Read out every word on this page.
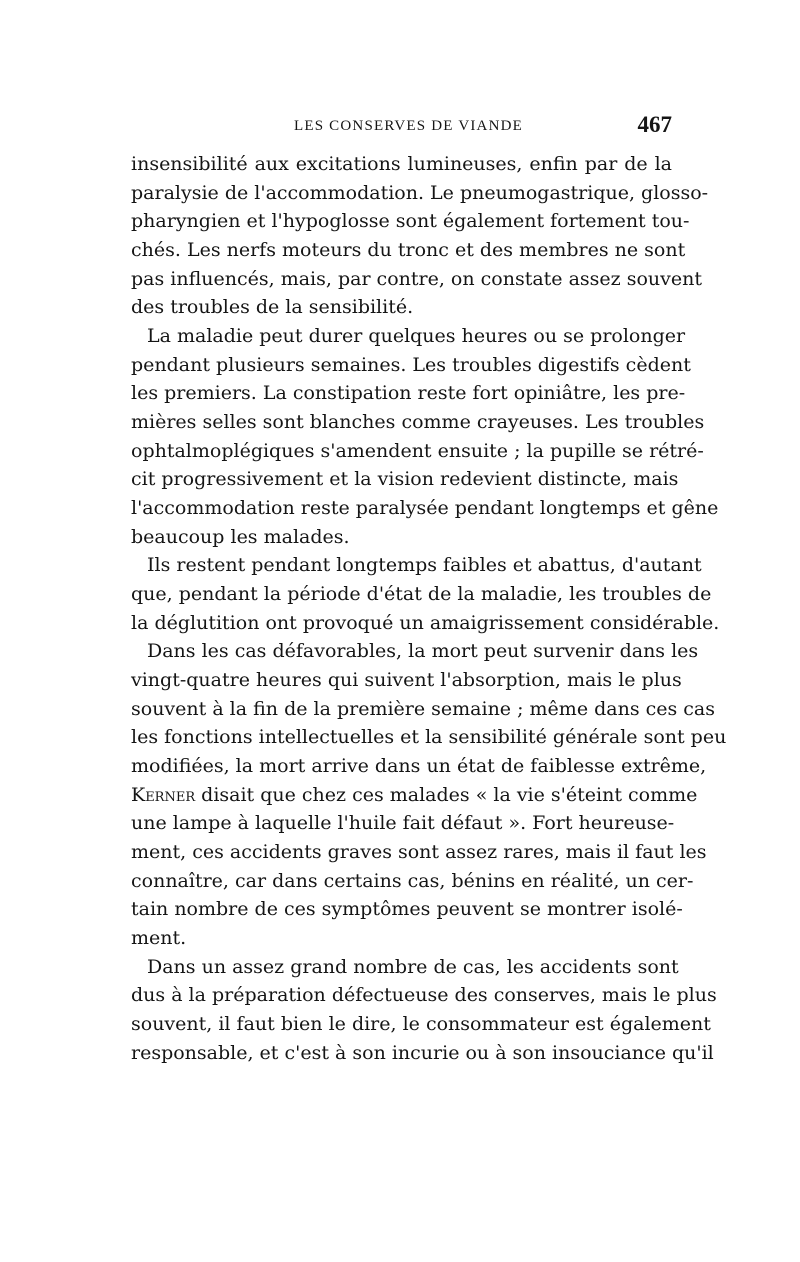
LES CONSERVES DE VIANDE	467
insensibilité aux excitations lumineuses, enfin par de la
paralysie de l'accommodation. Le pneumogastrique, glosso-
pharyngien et l'hypoglosse sont également fortement tou-
chés. Les nerfs moteurs du tronc et des membres ne sont
pas influencés, mais, par contre, on constate assez souvent
des troubles de la sensibilité.
La maladie peut durer quelques heures ou se prolonger
pendant plusieurs semaines. Les troubles digestifs cèdent
les premiers. La constipation reste fort opiniâtre, les pre-
mières selles sont blanches comme crayeuses. Les troubles
ophtalmoplégiques s'amendent ensuite ; la pupille se rétré-
cit progressivement et la vision redevient distincte, mais
l'accommodation reste paralysée pendant longtemps et gêne
beaucoup les malades.
Ils restent pendant longtemps faibles et abattus, d'autant
que, pendant la période d'état de la maladie, les troubles de
la déglutition ont provoqué un amaigrissement considérable.
Dans les cas défavorables, la mort peut survenir dans les
vingt-quatre heures qui suivent l'absorption, mais le plus
souvent à la fin de la première semaine ; même dans ces cas
les fonctions intellectuelles et la sensibilité générale sont peu
modifiées, la mort arrive dans un état de faiblesse extrême,
Kerner disait que chez ces malades « la vie s'éteint comme
une lampe à laquelle l'huile fait défaut ». Fort heureuse-
ment, ces accidents graves sont assez rares, mais il faut les
connaître, car dans certains cas, bénins en réalité, un cer-
tain nombre de ces symptômes peuvent se montrer isolé-
ment.
Dans un assez grand nombre de cas, les accidents sont
dus à la préparation défectueuse des conserves, mais le plus
souvent, il faut bien le dire, le consommateur est également
responsable, et c'est à son incurie ou à son insouciance qu'il
